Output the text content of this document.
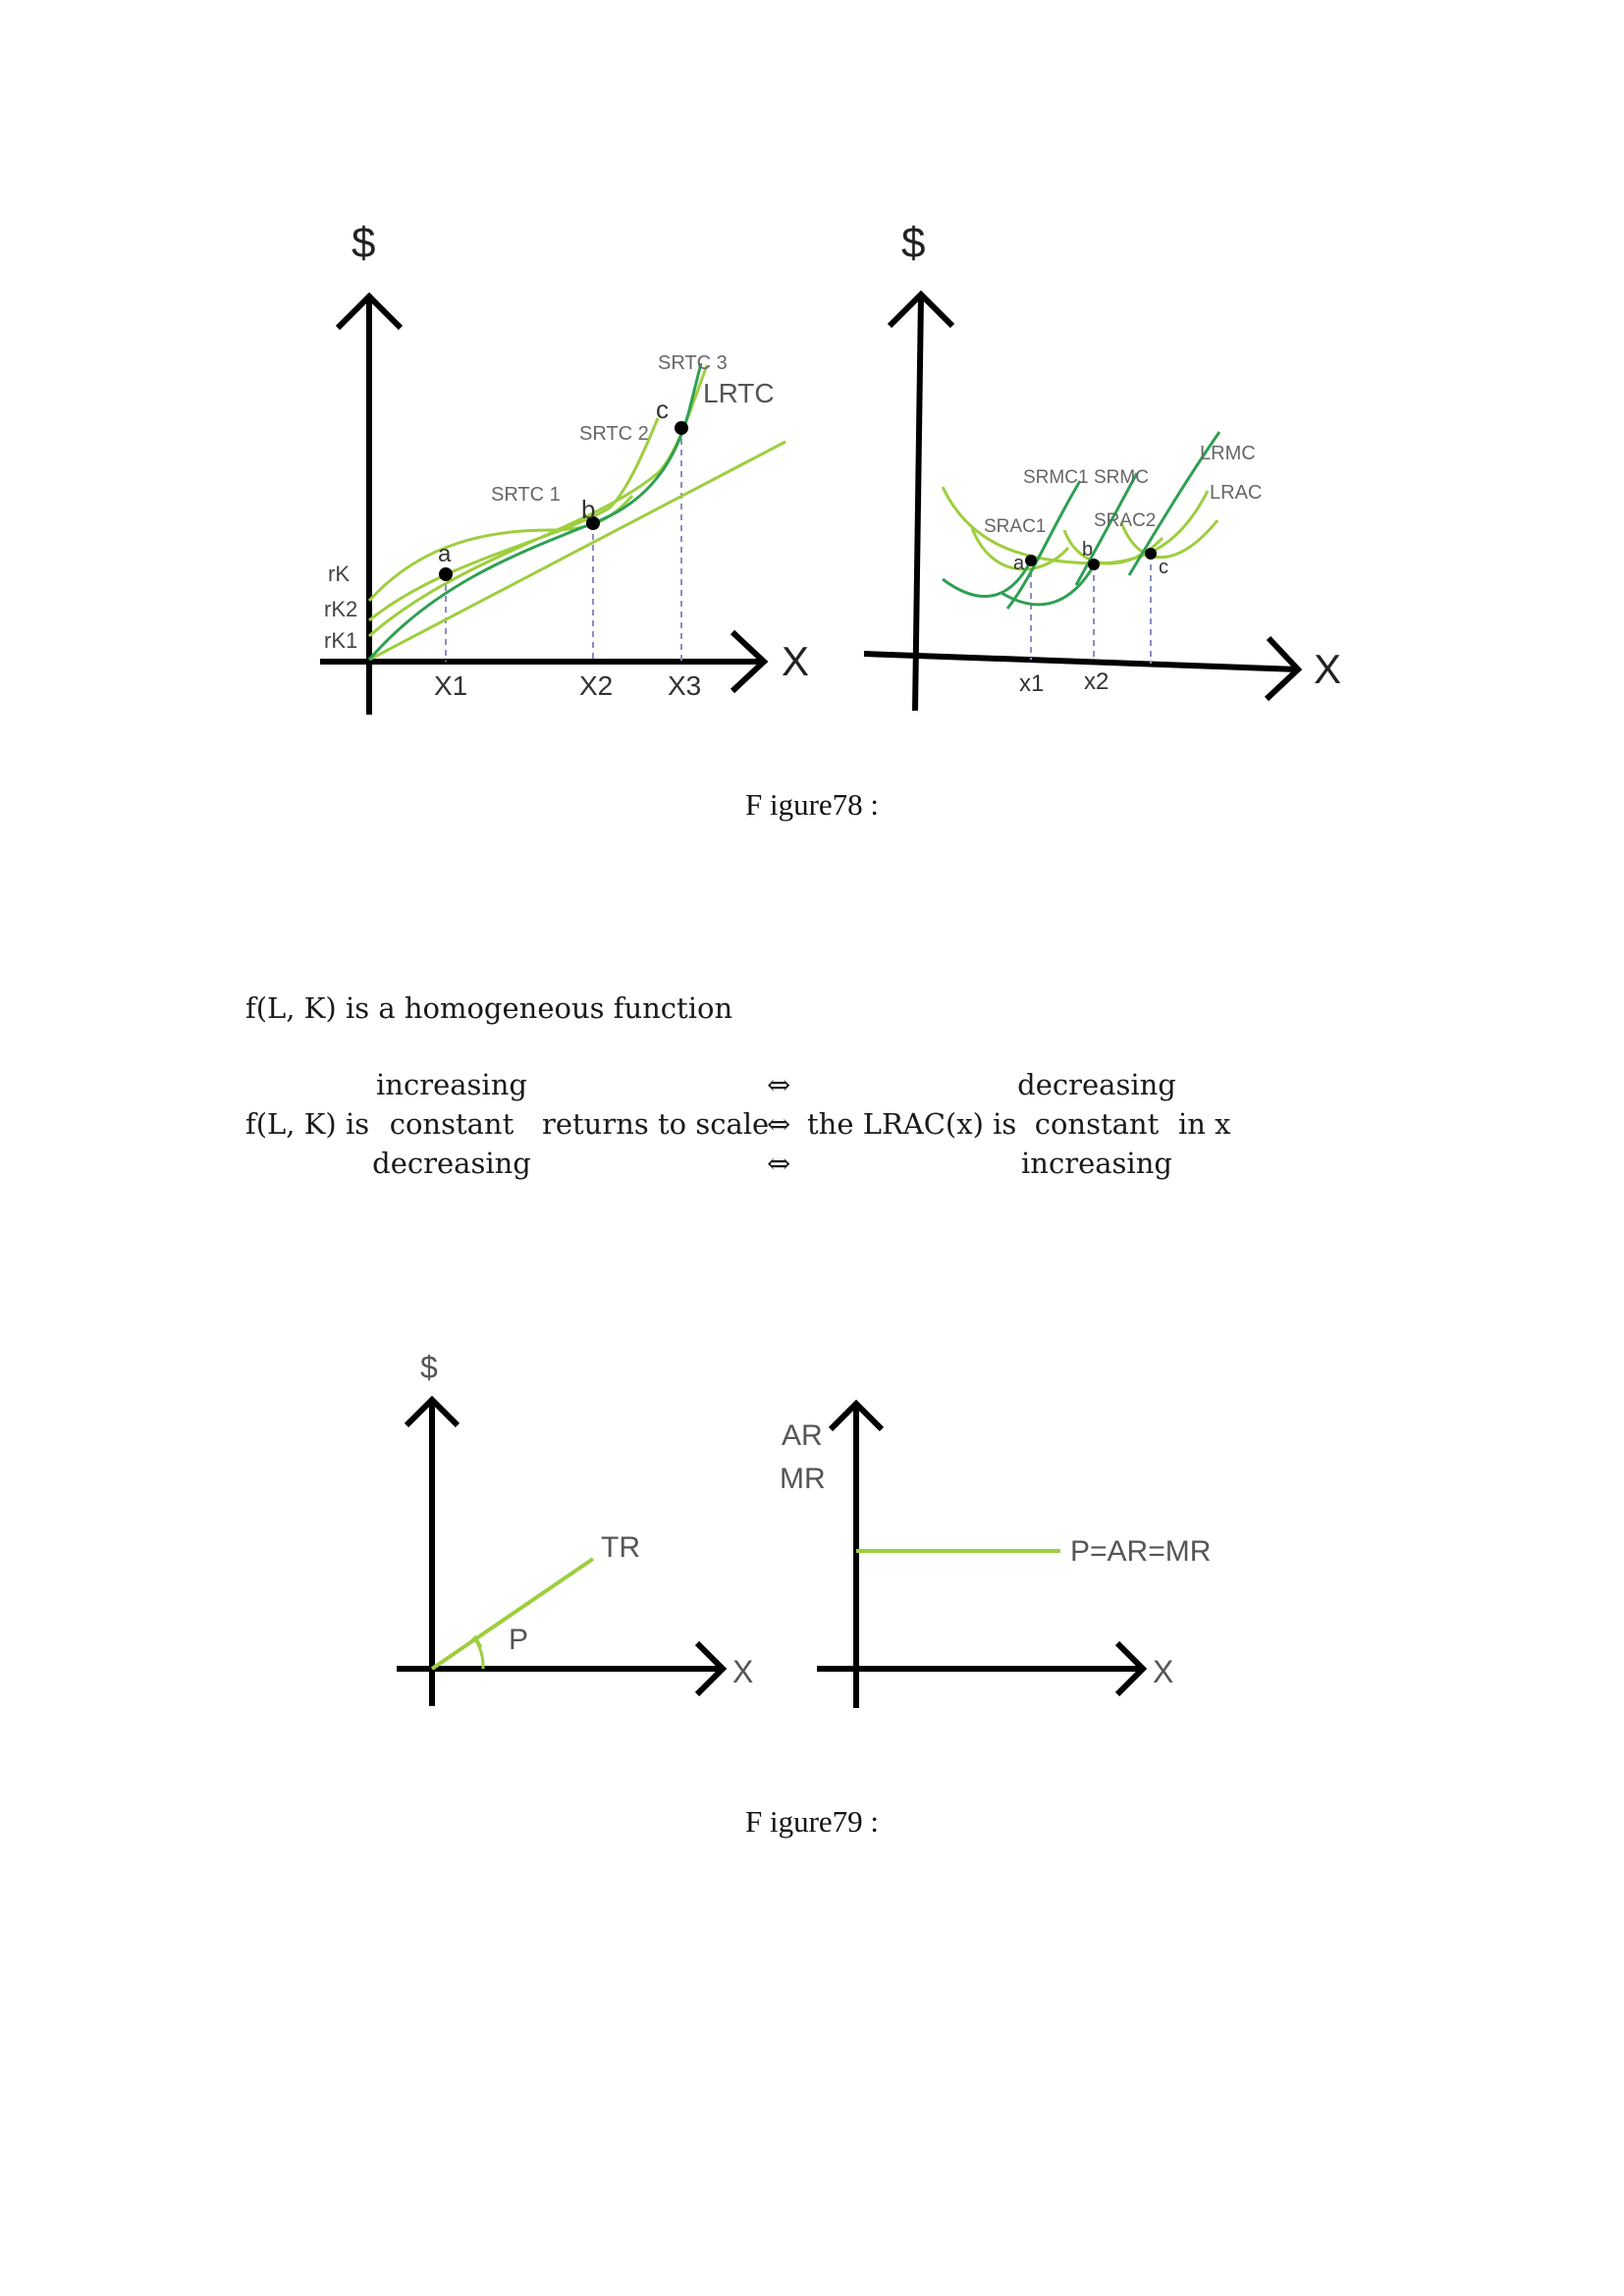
$
X
a
b
c
SRTC 1
SRTC 2
SRTC 3
LRTC
rK
rK2
rK1
X1	X2 X3
$
X
a
b
c
SRMC1 SRMC
LRMC
LRAC
SRAC1	SRAC2
x1 x2
F igure78 :
f(L, K) is a homogeneous function
f(L, K) is
increasing
constant
decreasing
returns to scale
⇔
⇔
⇔
the LRAC(x) is
decreasing
constant
increasing
in x
$
X
TR
P
X
AR
MR
P=AR=MR
F igure79 :
